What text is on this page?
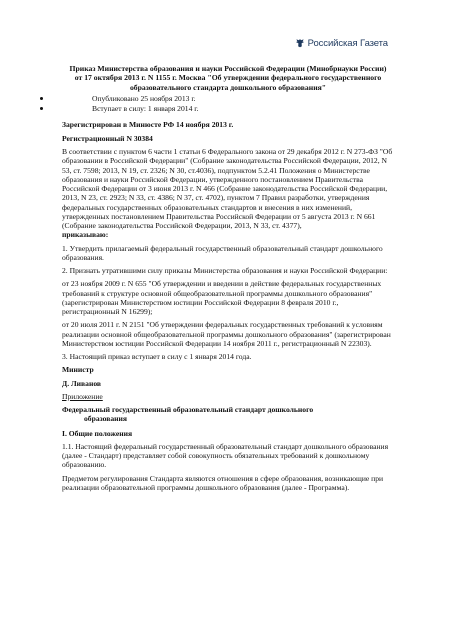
Российская Газета
Приказ Министерства образования и науки Российской Федерации (Минобрнауки России) от 17 октября 2013 г. N 1155 г. Москва "Об утверждении федерального государственного образовательного стандарта дошкольного образования"
Опубликовано 25 ноября 2013 г.
Вступает в силу: 1 января 2014 г.

Зарегистрирован в Минюсте РФ 14 ноября 2013 г.

Регистрационный N 30384

В соответствии с пунктом 6 части 1 статьи 6 Федерального закона от 29 декабря 2012 г. N 273-ФЗ "Об образовании в Российской Федерации" (Собрание законодательства Российской Федерации, 2012, N 53, ст. 7598; 2013, N 19, ст. 2326; N 30, ст.4036), подпунктом 5.2.41 Положения о Министерстве образования и науки Российской Федерации, утвержденного постановлением Правительства Российской Федерации от 3 июня 2013 г. N 466 (Собрание законодательства Российской Федерации, 2013, N 23, ст. 2923; N 33, ст. 4386; N 37, ст. 4702), пунктом 7 Правил разработки, утверждения федеральных государственных образовательных стандартов и внесения в них изменений, утвержденных постановлением Правительства Российской Федерации от 5 августа 2013 г. N 661 (Собрание законодательства Российской Федерации, 2013, N 33, ст. 4377),

приказываю:

1. Утвердить прилагаемый федеральный государственный образовательный стандарт дошкольного образования.

2. Признать утратившими силу приказы Министерства образования и науки Российской Федерации:

от 23 ноября 2009 г. N 655 "Об утверждении и введении в действие федеральных государственных требований к структуре основной общеобразовательной программы дошкольного образования" (зарегистрирован Министерством юстиции Российской Федерации 8 февраля 2010 г., регистрационный N 16299);

от 20 июля 2011 г. N 2151 "Об утверждении федеральных государственных требований к условиям реализации основной общеобразовательной программы дошкольного образования" (зарегистрирован Министерством юстиции Российской Федерации 14 ноября 2011 г., регистрационный N 22303).

3. Настоящий приказ вступает в силу с 1 января 2014 года.

Министр

Д. Ливанов

Приложение

Федеральный государственный образовательный стандарт дошкольного
образования
I. Общие положения

1.1. Настоящий федеральный государственный образовательный стандарт дошкольного образования (далее - Стандарт) представляет собой совокупность обязательных требований к дошкольному образованию.

Предметом регулирования Стандарта являются отношения в сфере образования, возникающие при реализации образовательной программы дошкольного образования (далее - Программа).
